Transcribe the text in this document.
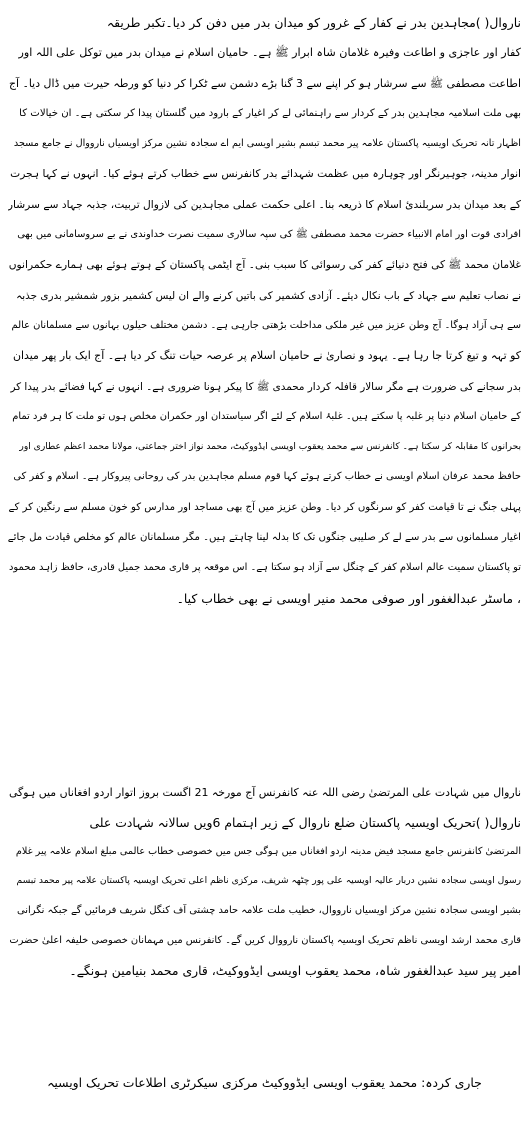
ناروال( )مجاہدین بدر نے کفار کے غرور کو میدان بدر میں دفن کر دیا۔تکبر طریقہ
کفار اور عاجزی و اطاعت وفیرہ غلامان شاہ ابرار ﷺ ہے۔ حامیان اسلام نے میدان بدر میں توکل علی اللہ اور
اطاعت مصطفی ﷺ سے سرشار ہو کر اپنے سے 3 گنا بڑے دشمن سے ٹکرا کر دنیا کو ورطہ حیرت میں ڈال دیا۔ آج
بھی ملت اسلامیہ مجاہدین بدر کے کردار سے راہنمائی لے کر اغیار کے بارود میں گلستان پیدا کر سکتی ہے۔ ان خیالات کا
اظہار تانہ تحریک اویسیہ پاکستان علامہ پیر محمد تبسم بشیر اویسی ایم اے سجادہ نشین مرکز اویسیاں نارووال نے جامع مسجد
انوار مدینہ، جوہیرنگر اور چوہارہ میں عظمت شہدائے بدر کانفرنس سے خطاب کرتے ہوئے کیا۔ انہوں نے کہا ہجرت
کے بعد میدان بدر سربلندئ اسلام کا ذریعہ بنا۔ اعلی حکمت عملی مجاہدین کی لازوال تربیت، جذبہ جہاد سے سرشار
افرادی قوت اور امام الانبیاء حضرت محمد مصطفی ﷺ کی سپہ سالاری سمیت نصرت خداوندی نے بے سروسامانی میں بھی
غلامان محمد ﷺ کی فتح دنیائے کفر کی رسوائی کا سبب بنی۔ آج ایٹمی پاکستان کے ہوتے ہوئے بھی ہمارے حکمرانوں
نے نصاب تعلیم سے جہاد کے باب نکال دیئے۔ آزادی کشمیر کی باتیں کرنے والے ان لیس کشمیر بزور شمشیر بدری جذبہ
سے ہی آزاد ہوگا۔ آج وطن عزیز میں غیر ملکی مداخلت بڑھتی جارہی ہے۔ دشمن مختلف حیلوں بہانوں سے مسلمانان عالم
کو تہہ و تیغ کرتا جا رہا ہے۔ یہود و نصاریٰ نے حامیان اسلام پر عرصہ حیات تنگ کر دیا ہے۔ آج ایک بار پھر میدان
بدر سجانے کی ضرورت ہے مگر سالار قافلہ کردار محمدی ﷺ کا پیکر ہونا ضروری ہے۔ انہوں نے کہا فضائے بدر پیدا کر
کے حامیان اسلام دنیا پر غلبہ پا سکتے ہیں۔ غلبۂ اسلام کے لئے اگر سیاستدان اور حکمران مخلص ہوں تو ملت کا ہر فرد تمام
بحرانوں کا مقابلہ کر سکتا ہے۔ کانفرنس سے محمد یعقوب اویسی ایڈووکیٹ، محمد نواز اختر جماعتی، مولانا محمد اعظم عطاری اور
حافظ محمد عرفان اسلام اویسی نے خطاب کرتے ہوئے کہا قوم مسلم مجاہدین بدر کی روحانی پیروکار ہے۔ اسلام و کفر کی
پہلی جنگ نے تا قیامت کفر کو سرنگوں کر دیا۔ وطن عزیز میں آج بھی مساجد اور مدارس کو خون مسلم سے رنگین کر کے
اغیار مسلمانوں سے بدر سے لے کر صلیبی جنگوں تک کا بدلہ لینا چاہتے ہیں۔ مگر مسلمانان عالم کو مخلص قیادت مل جائے
تو پاکستان سمیت عالم اسلام کفر کے چنگل سے آزاد ہو سکتا ہے۔ اس موقعہ پر قاری محمد جمیل قادری، حافظ زاہد محمود
، ماسٹر عبدالغفور اور صوفی محمد منیر اویسی نے بھی خطاب کیا۔
ناروال میں شہادت علی المرتضیٰ رضی اللہ عنہ کانفرنس آج مورخہ 21 اگست بروز اتوار اردو افغاناں میں ہوگی
ناروال( )تحریک اویسیہ پاکستان ضلع ناروال کے زیر اہتمام 6ویں سالانہ شہادت علی
المرتضیٰ کانفرنس جامع مسجد فیض مدینہ اردو افغاناں میں ہوگی جس میں خصوصی خطاب عالمی مبلغ اسلام علامہ پیر غلام
رسول اویسی سجادہ نشین دربار عالیہ اویسیہ علی پور چٹھہ شریف، مرکزی ناظم اعلی تحریک اویسیہ پاکستان علامہ پیر محمد تبسم
بشیر اویسی سجادہ نشین مرکز اویسیاں نارووال، خطیب ملت علامہ حامد چشتی آف کنگل شریف فرمائیں گے جبکہ نگرانی
قاری محمد ارشد اویسی ناظم تحریک اویسیہ پاکستان نارووال کریں گے۔ کانفرنس میں مہمانان خصوصی خلیفہ اعلیٰ حضرت
امیر پیر سید عبدالغفور شاہ، محمد یعقوب اویسی ایڈووکیٹ، قاری محمد بنیامین ہونگے۔
جاری کردہ: محمد یعقوب اویسی ایڈووکیٹ مرکزی سیکرٹری اطلاعات تحریک اویسیہ
